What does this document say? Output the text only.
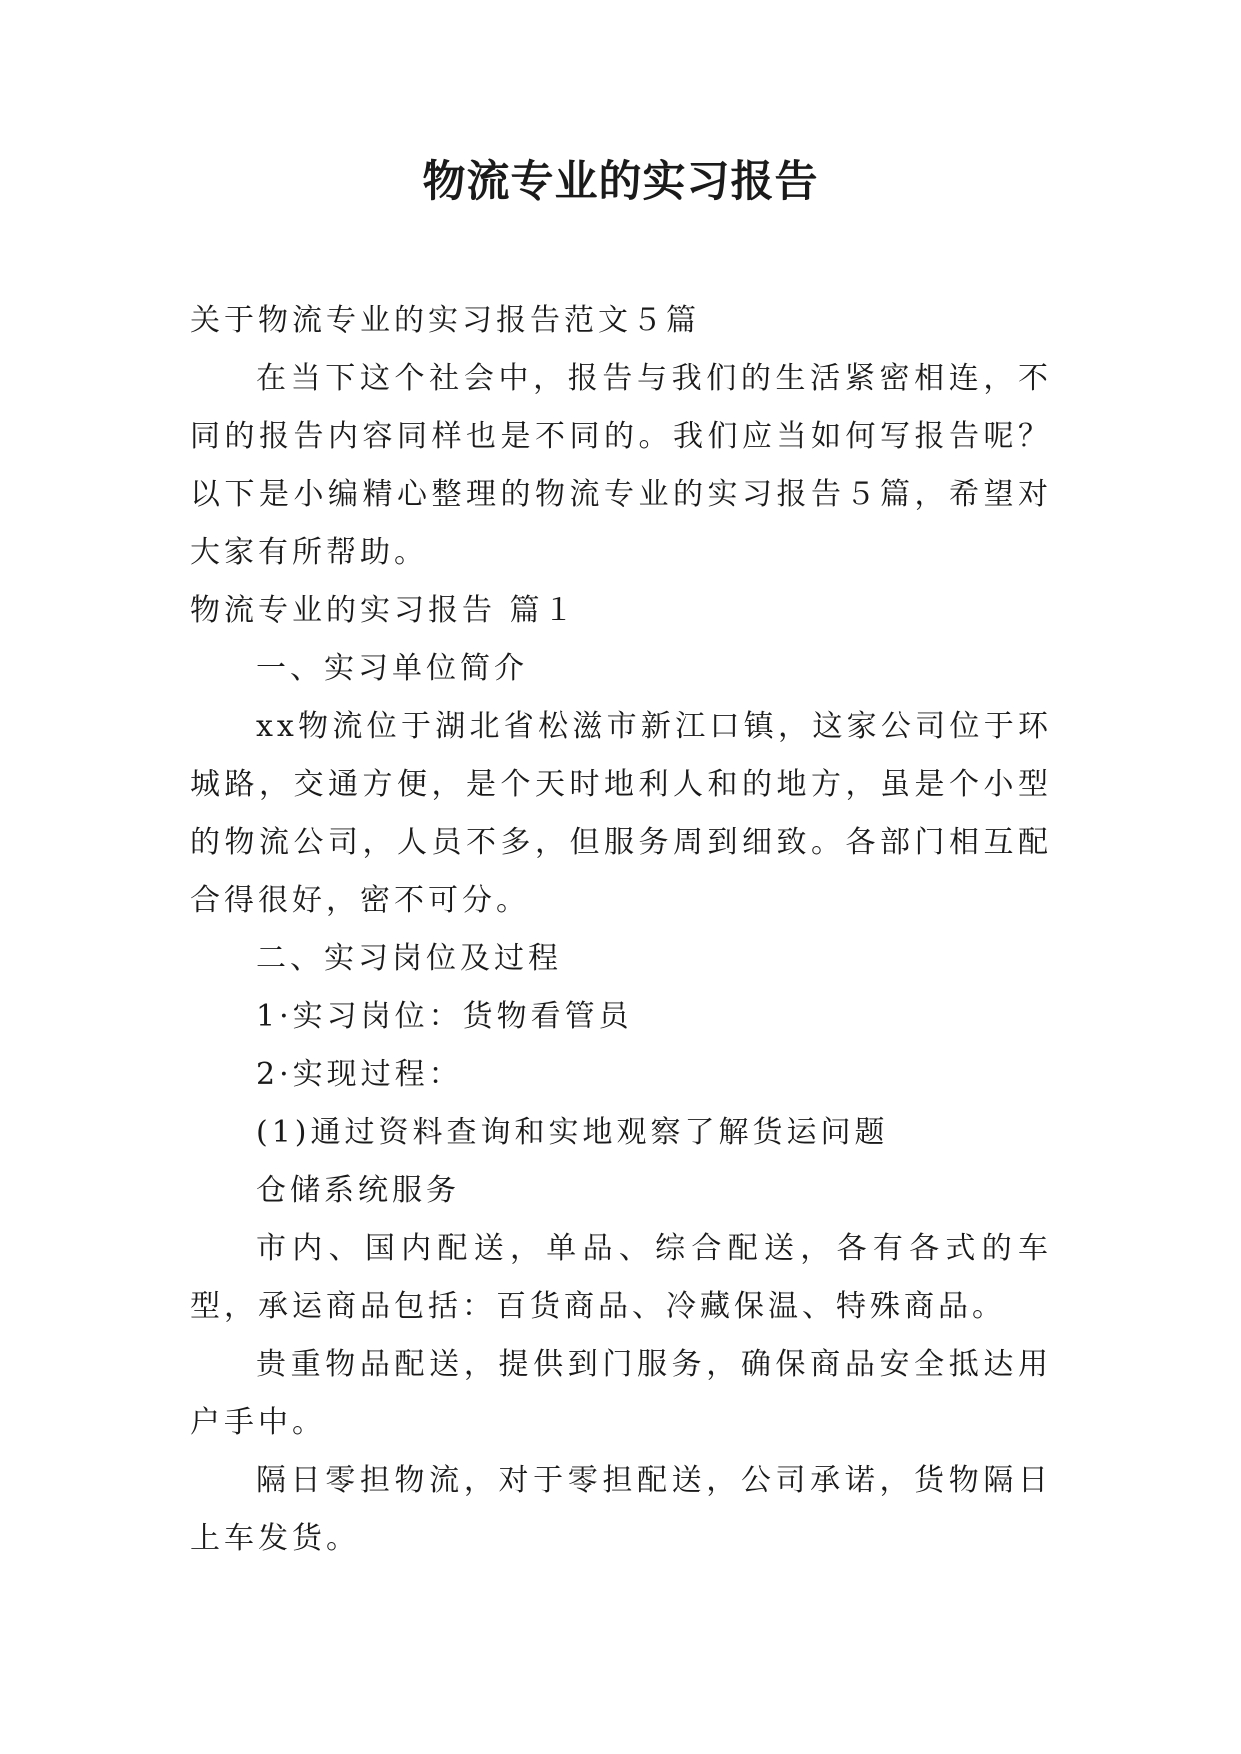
物流专业的实习报告

关于物流专业的实习报告范文５篇

在当下这个社会中，报告与我们的生活紧密相连，不同的报告内容同样也是不同的。我们应当如何写报告呢？以下是小编精心整理的物流专业的实习报告５篇，希望对大家有所帮助。

物流专业的实习报告 篇１

一、实习单位简介

xx物流位于湖北省松滋市新江口镇，这家公司位于环城路，交通方便，是个天时地利人和的地方，虽是个小型的物流公司，人员不多，但服务周到细致。各部门相互配合得很好，密不可分。

二、实习岗位及过程

1·实习岗位：货物看管员

2·实现过程：

(1)通过资料查询和实地观察了解货运问题

仓储系统服务

市内、国内配送，单品、综合配送，各有各式的车型，承运商品包括：百货商品、冷藏保温、特殊商品。

贵重物品配送，提供到门服务，确保商品安全抵达用户手中。

隔日零担物流，对于零担配送，公司承诺，货物隔日上车发货。
